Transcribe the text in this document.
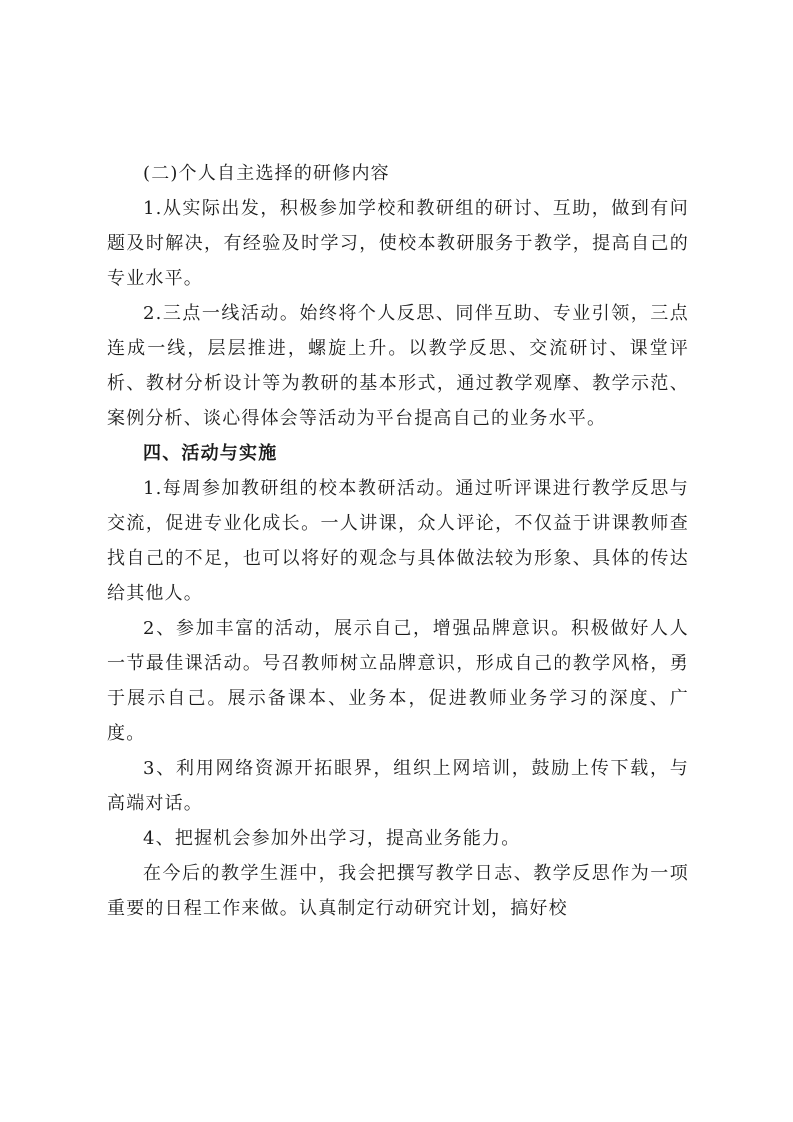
(二)个人自主选择的研修内容

1.从实际出发，积极参加学校和教研组的研讨、互助，做到有问题及时解决，有经验及时学习，使校本教研服务于教学，提高自己的专业水平。

2.三点一线活动。始终将个人反思、同伴互助、专业引领，三点连成一线，层层推进，螺旋上升。以教学反思、交流研讨、课堂评析、教材分析设计等为教研的基本形式，通过教学观摩、教学示范、案例分析、谈心得体会等活动为平台提高自己的业务水平。

四、活动与实施

1.每周参加教研组的校本教研活动。通过听评课进行教学反思与交流，促进专业化成长。一人讲课，众人评论，不仅益于讲课教师查找自己的不足，也可以将好的观念与具体做法较为形象、具体的传达给其他人。

2、参加丰富的活动，展示自己，增强品牌意识。积极做好人人一节最佳课活动。号召教师树立品牌意识，形成自己的教学风格，勇于展示自己。展示备课本、业务本，促进教师业务学习的深度、广度。

3、利用网络资源开拓眼界，组织上网培训，鼓励上传下载，与高端对话。

4、把握机会参加外出学习，提高业务能力。

在今后的教学生涯中，我会把撰写教学日志、教学反思作为一项重要的日程工作来做。认真制定行动研究计划，搞好校
